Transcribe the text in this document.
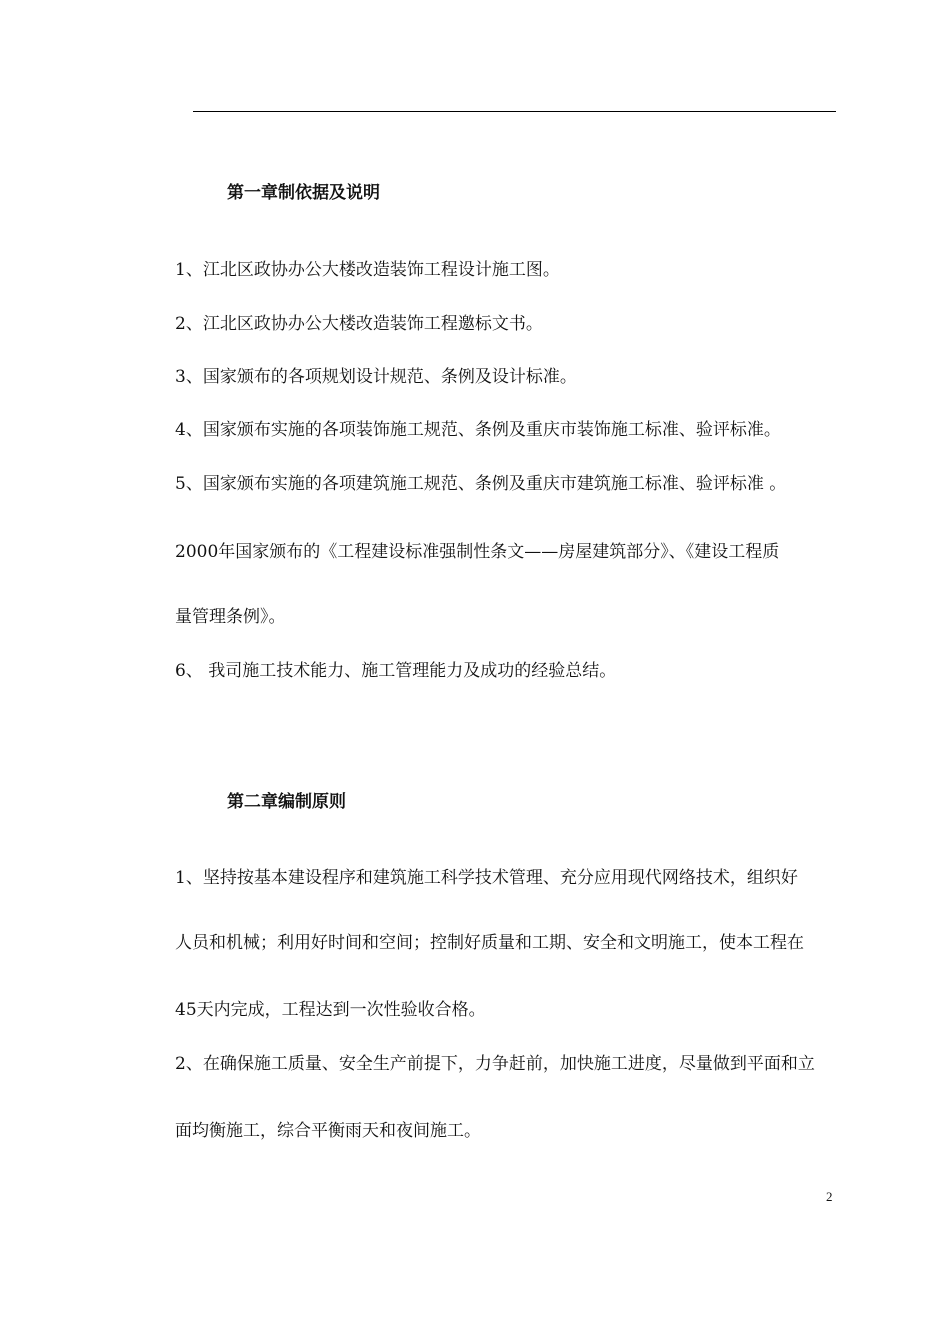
第一章制依据及说明
1、江北区政协办公大楼改造装饰工程设计施工图。
2、江北区政协办公大楼改造装饰工程邀标文书。
3、国家颁布的各项规划设计规范、条例及设计标准。
4、国家颁布实施的各项装饰施工规范、条例及重庆市装饰施工标准、验评标准。
5、国家颁布实施的各项建筑施工规范、条例及重庆市建筑施工标准、验评标准 。
2000年国家颁布的《工程建设标准强制性条文——房屋建筑部分》、《建设工程质
量管理条例》。
6、 我司施工技术能力、施工管理能力及成功的经验总结。
第二章编制原则
1、坚持按基本建设程序和建筑施工科学技术管理、充分应用现代网络技术，组织好
人员和机械；利用好时间和空间；控制好质量和工期、安全和文明施工，使本工程在
45天内完成，工程达到一次性验收合格。
2、在确保施工质量、安全生产前提下，力争赶前，加快施工进度，尽量做到平面和立
面均衡施工，综合平衡雨天和夜间施工。
2
